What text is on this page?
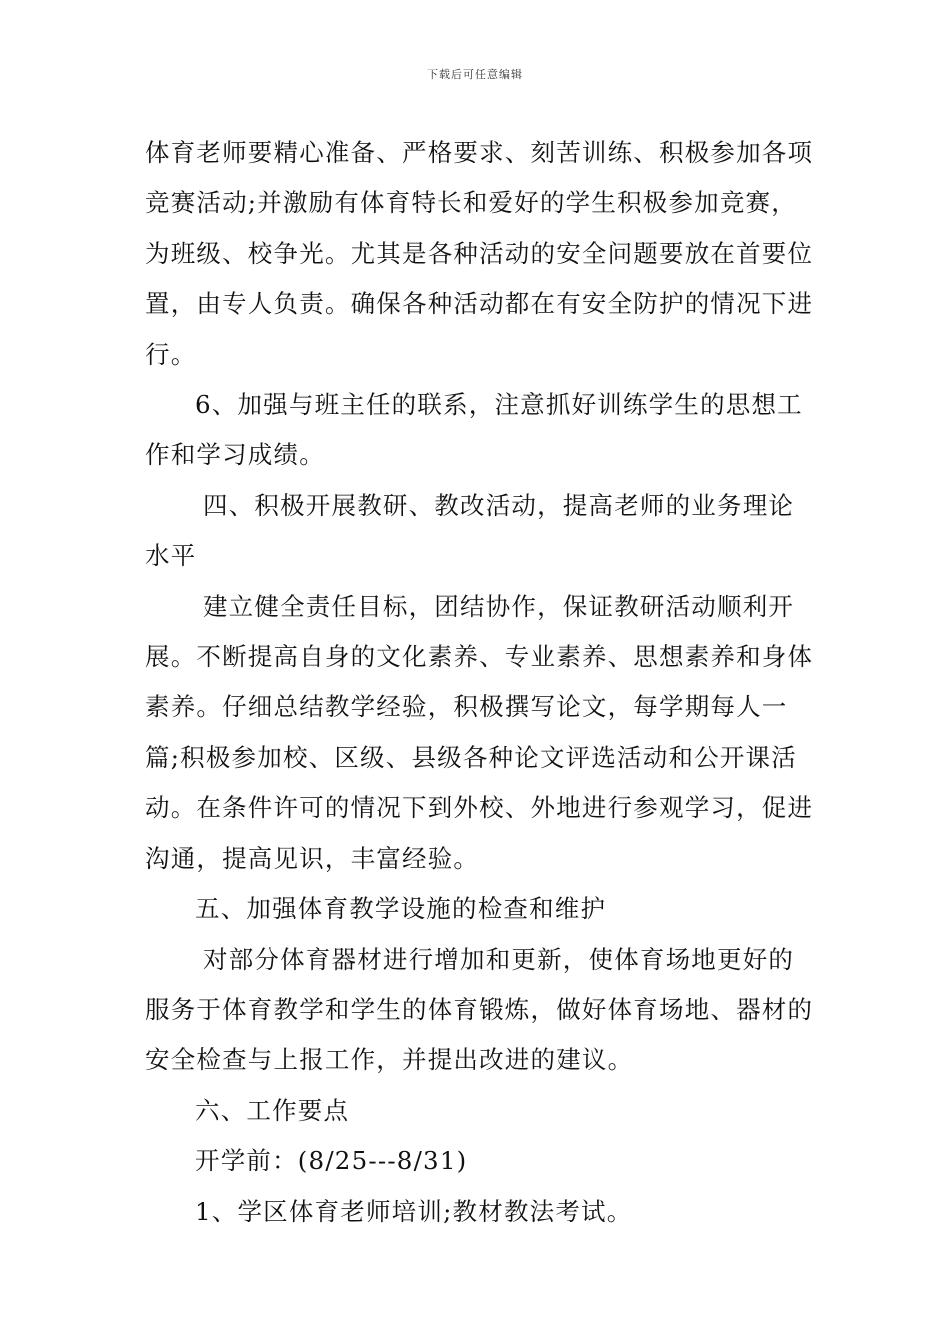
下载后可任意编辑

体育老师要精心准备、严格要求、刻苦训练、积极参加各项竞赛活动;并激励有体育特长和爱好的学生积极参加竞赛，为班级、校争光。尤其是各种活动的安全问题要放在首要位置，由专人负责。确保各种活动都在有安全防护的情况下进行。

6、加强与班主任的联系，注意抓好训练学生的思想工作和学习成绩。

四、积极开展教研、教改活动，提高老师的业务理论水平

建立健全责任目标，团结协作，保证教研活动顺利开展。不断提高自身的文化素养、专业素养、思想素养和身体素养。仔细总结教学经验，积极撰写论文，每学期每人一篇;积极参加校、区级、县级各种论文评选活动和公开课活动。在条件许可的情况下到外校、外地进行参观学习，促进沟通，提高见识，丰富经验。

五、加强体育教学设施的检查和维护

对部分体育器材进行增加和更新，使体育场地更好的服务于体育教学和学生的体育锻炼，做好体育场地、器材的安全检查与上报工作，并提出改进的建议。

六、工作要点

开学前：(8/25---8/31)

1、学区体育老师培训;教材教法考试。
